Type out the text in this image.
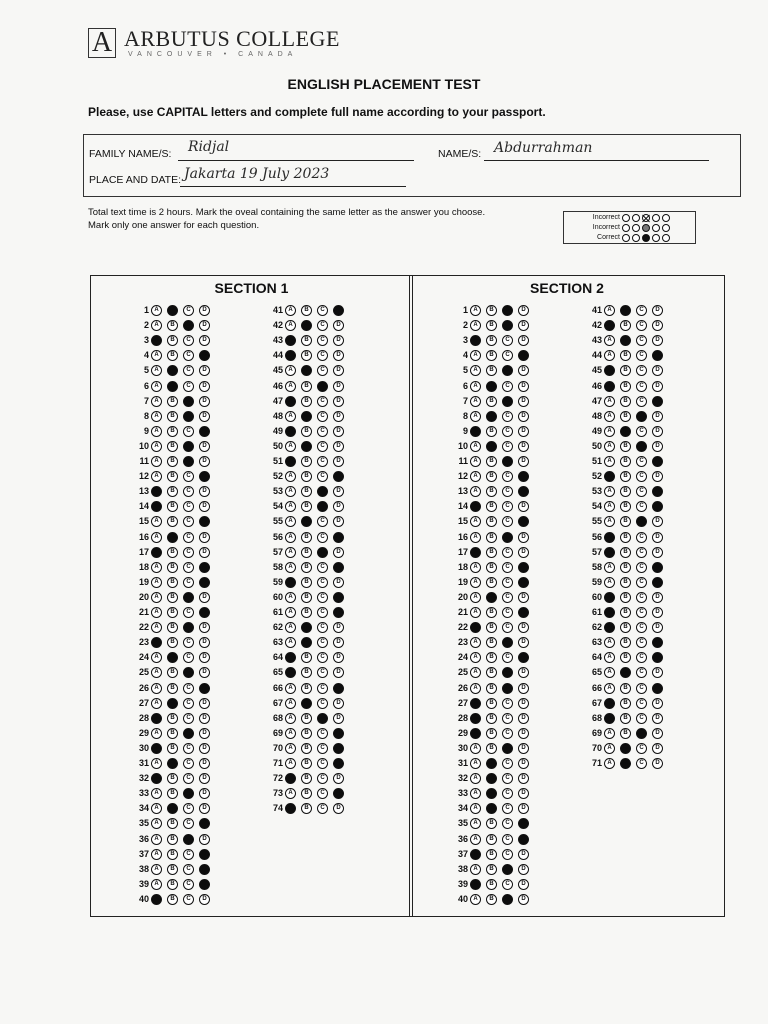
A ARBUTUS COLLEGE
VANCOUVER • CANADA
ENGLISH PLACEMENT TEST
Please, use CAPITAL letters and complete full name according to your passport.
FAMILY NAME/S: Ridjal	NAME/S: Abdurrahman
PLACE AND DATE: Jakarta 19 July 2023
Total text time is 2 hours. Mark the oveal containing the same letter as the answer you choose. Mark only one answer for each question.
Incorrect
Incorrect
Correct
SECTION 1
1 A	B	C	D
2 A	B	C	D
3 A	B	C	D
4 A	B	C	D
5 A	B	C	D
6 A	B	C	D
7 A	B	C	D
8 A	B	C	D
9 A	B	C	D
10 A	B	C	D
11 A	B	C	D
12 A	B	C	D
13 A	B	C	D
14 A	B	C	D
15 A	B	C	D
16 A	B	C	D
17 A	B	C	D
18 A	B	C	D
19 A	B	C	D
20 A	B	C	D
21 A	B	C	D
22 A	B	C	D
23 A	B	C	D
24 A	B	C	D
25 A	B	C	D
26 A	B	C	D
27 A	B	C	D
28 A	B	C	D
29 A	B	C	D
30 A	B	C	D
31 A	B	C	D
32 A	B	C	D
33 A	B	C	D
34 A	B	C	D
35 A	B	C	D
36 A	B	C	D
37 A	B	C	D
38 A	B	C	D
39 A	B	C	D
40 A	B	C	D
41 A	B	C	D
42 A	B	C	D
43 A	B	C	D
44 A	B	C	D
45 A	B	C	D
46 A	B	C	D
47 A	B	C	D
48 A	B	C	D
49 A	B	C	D
50 A	B	C	D
51 A	B	C	D
52 A	B	C	D
53 A	B	C	D
54 A	B	C	D
55 A	B	C	D
56 A	B	C	D
57 A	B	C	D
58 A	B	C	D
59 A	B	C	D
60 A	B	C	D
61 A	B	C	D
62 A	B	C	D
63 A	B	C	D
64 A	B	C	D
65 A	B	C	D
66 A	B	C	D
67 A	B	C	D
68 A	B	C	D
69 A	B	C	D
70 A	B	C	D
71 A	B	C	D
72 A	B	C	D
73 A	B	C	D
74 A	B	C	D
SECTION 2
1 A	B	C	D
2 A	B	C	D
3 A	B	C	D
4 A	B	C	D
5 A	B	C	D
6 A	B	C	D
7 A	B	C	D
8 A	B	C	D
9 A	B	C	D
10 A	B	C	D
11 A	B	C	D
12 A	B	C	D
13 A	B	C	D
14 A	B	C	D
15 A	B	C	D
16 A	B	C	D
17 A	B	C	D
18 A	B	C	D
19 A	B	C	D
20 A	B	C	D
21 A	B	C	D
22 A	B	C	D
23 A	B	C	D
24 A	B	C	D
25 A	B	C	D
26 A	B	C	D
27 A	B	C	D
28 A	B	C	D
29 A	B	C	D
30 A	B	C	D
31 A	B	C	D
32 A	B	C	D
33 A	B	C	D
34 A	B	C	D
35 A	B	C	D
36 A	B	C	D
37 A	B	C	D
38 A	B	C	D
39 A	B	C	D
40 A	B	C	D
41 A	B	C	D
42 A	B	C	D
43 A	B	C	D
44 A	B	C	D
45 A	B	C	D
46 A	B	C	D
47 A	B	C	D
48 A	B	C	D
49 A	B	C	D
50 A	B	C	D
51 A	B	C	D
52 A	B	C	D
53 A	B	C	D
54 A	B	C	D
55 A	B	C	D
56 A	B	C	D
57 A	B	C	D
58 A	B	C	D
59 A	B	C	D
60 A	B	C	D
61 A	B	C	D
62 A	B	C	D
63 A	B	C	D
64 A	B	C	D
65 A	B	C	D
66 A	B	C	D
67 A	B	C	D
68 A	B	C	D
69 A	B	C	D
70 A	B	C	D
71 A	B	C	D
